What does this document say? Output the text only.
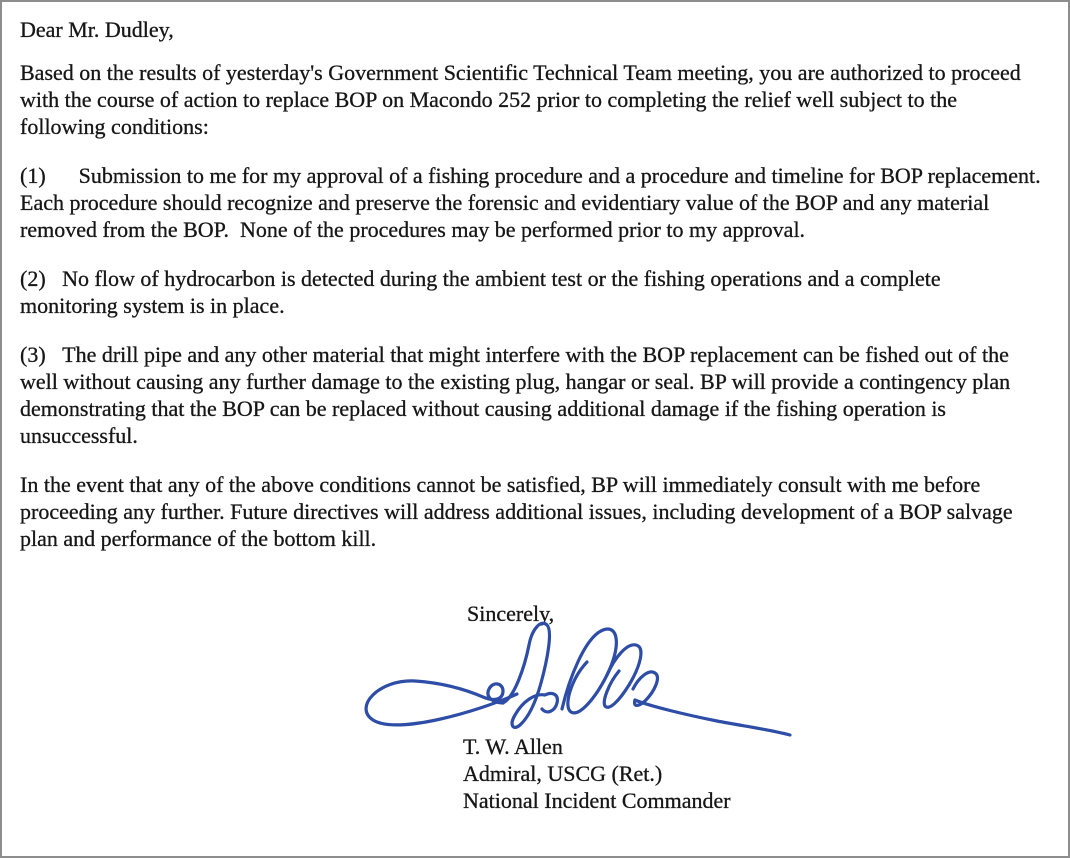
Dear Mr. Dudley,

Based on the results of yesterday's Government Scientific Technical Team meeting, you are authorized to proceed with the course of action to replace BOP on Macondo 252 prior to completing the relief well subject to the following conditions:

(1)      Submission to me for my approval of a fishing procedure and a procedure and timeline for BOP replacement. Each procedure should recognize and preserve the forensic and evidentiary value of the BOP and any material removed from the BOP.  None of the procedures may be performed prior to my approval.

(2)   No flow of hydrocarbon is detected during the ambient test or the fishing operations and a complete monitoring system is in place.

(3)   The drill pipe and any other material that might interfere with the BOP replacement can be fished out of the well without causing any further damage to the existing plug, hangar or seal. BP will provide a contingency plan demonstrating that the BOP can be replaced without causing additional damage if the fishing operation is unsuccessful.

In the event that any of the above conditions cannot be satisfied, BP will immediately consult with me before proceeding any further. Future directives will address additional issues, including development of a BOP salvage plan and performance of the bottom kill.

Sincerely,
T. W. Allen
Admiral, USCG (Ret.)
National Incident Commander
